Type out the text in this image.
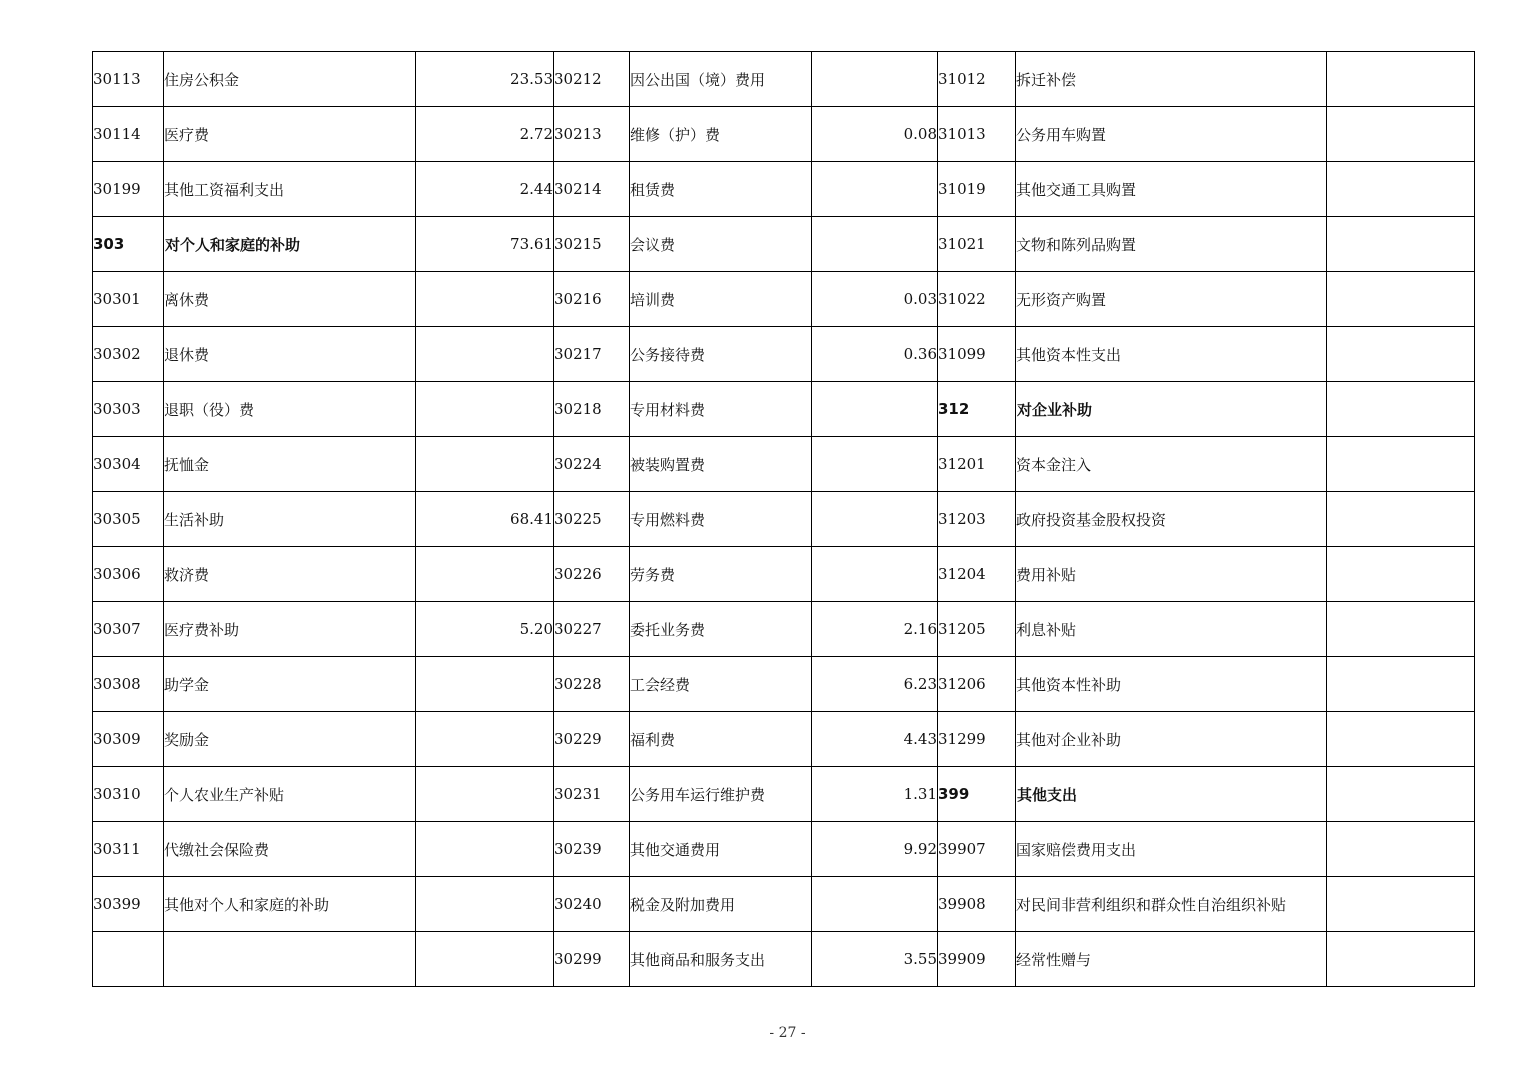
30113	住房公积金	23.53	30212	因公出国（境）费用		31012	拆迁补偿	
30114	医疗费	2.72	30213	维修（护）费	0.08	31013	公务用车购置	
30199	其他工资福利支出	2.44	30214	租赁费		31019	其他交通工具购置	
303	对个人和家庭的补助	73.61	30215	会议费		31021	文物和陈列品购置	
30301	离休费		30216	培训费	0.03	31022	无形资产购置	
30302	退休费		30217	公务接待费	0.36	31099	其他资本性支出	
30303	退职（役）费		30218	专用材料费		312	对企业补助	
30304	抚恤金		30224	被装购置费		31201	资本金注入	
30305	生活补助	68.41	30225	专用燃料费		31203	政府投资基金股权投资	
30306	救济费		30226	劳务费		31204	费用补贴	
30307	医疗费补助	5.20	30227	委托业务费	2.16	31205	利息补贴	
30308	助学金		30228	工会经费	6.23	31206	其他资本性补助	
30309	奖励金		30229	福利费	4.43	31299	其他对企业补助	
30310	个人农业生产补贴		30231	公务用车运行维护费	1.31	399	其他支出	
30311	代缴社会保险费		30239	其他交通费用	9.92	39907	国家赔偿费用支出	
30399	其他对个人和家庭的补助		30240	税金及附加费用		39908	对民间非营利组织和群众性自治组织补贴	
			30299	其他商品和服务支出	3.55	39909	经常性赠与	
- 27 -
